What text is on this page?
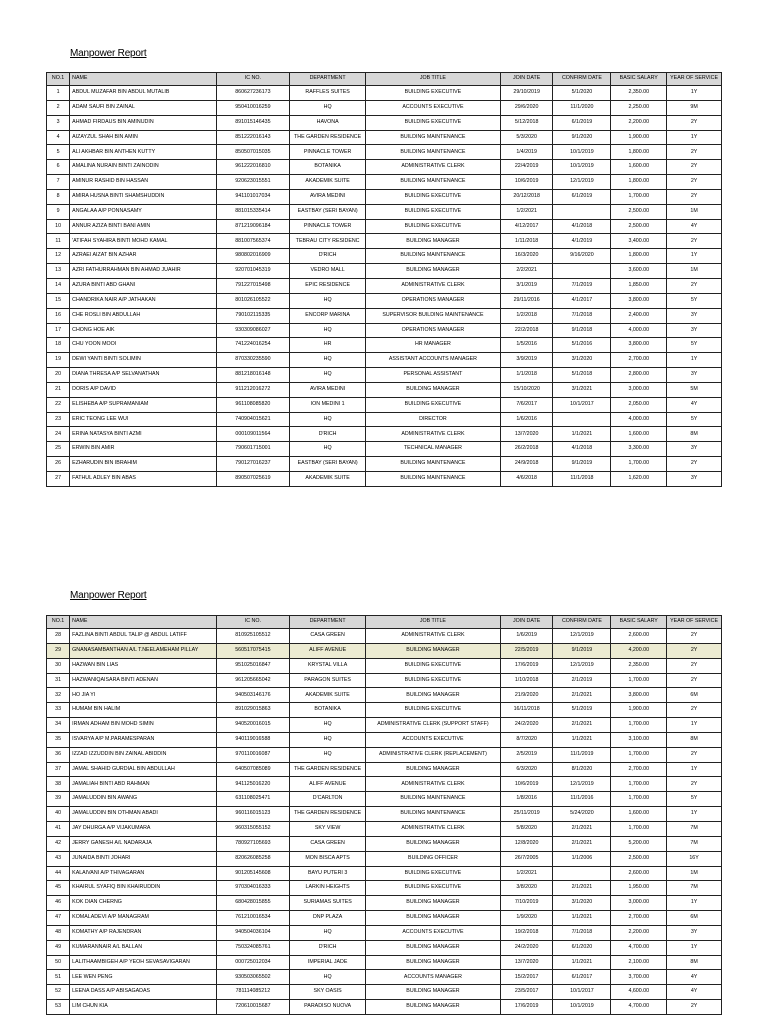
Manpower Report
NO.1	NAME	IC NO.	DEPARTMENT	JOB TITLE	JOIN DATE	CONFIRM DATE	BASIC SALARY	YEAR OF SERVICE
1	ABDUL MUZAFAR BIN ABDUL MUTALIB	860627236173	RAFFLES SUITES	BUILDING EXECUTIVE	29/10/2019	5/1/2020	2,350.00	1Y
2	ADAM SAUFI BIN ZAINAL	950410016259	HQ	ACCOUNTS EXECUTIVE	29/6/2020	11/1/2020	2,250.00	9M
3	AHMAD FIRDAUS BIN AMINUDIN	891015146435	HAVONA	BUILDING EXECUTIVE	5/12/2018	6/1/2019	2,200.00	2Y
4	AIZAYZUL SHAH BIN AMIN	851222016143	THE GARDEN RESIDENCE	BUILDING MAINTENANCE	5/3/2020	9/1/2020	1,900.00	1Y
5	ALI AKHBAR BIN ANTHEN KUTTY	850507015035	PINNACLE TOWER	BUILDING MAINTENANCE	1/4/2019	10/1/2019	1,800.00	2Y
6	AMALINA NURAIN BINTI ZAINODIN	961222016810	BOTANIKA	ADMINISTRATIVE CLERK	22/4/2019	10/1/2019	1,600.00	2Y
7	AMINUR RASHID BIN HASSAN	920623015551	AKADEMIK SUITE	BUILDING MAINTENANCE	10/6/2019	12/1/2019	1,800.00	2Y
8	AMIRA HUSNA BINTI SHAMSHUDDIN	941101017034	AVIRA MEDINI	BUILDING EXECUTIVE	20/12/2018	6/1/2019	1,700.00	2Y
9	ANGALAA A/P PONNASAMY	881015335414	EASTBAY (SERI BAYAN)	BUILDING EXECUTIVE	1/2/2021		2,500.00	1M
10	ANNUR AZIZA BINTI BANI AMIN	871219096184	PINNACLE TOWER	BUILDING EXECUTIVE	4/12/2017	4/1/2018	2,500.00	4Y
11	'ATIFAH SYAHIRA BINTI MOHD KAMAL	881007565374	TEBRAU CITY RESIDENC	BUILDING MANAGER	1/11/2018	4/1/2019	3,400.00	2Y
12	AZRAEI AIZAT BIN AZHAR	980802016909	D'RICH	BUILDING MAINTENANCE	16/3/2020	9/16/2020	1,800.00	1Y
13	AZRI FATHURRAHMAN BIN AHMAD JUAHIR	920701045319	VEDRO MALL	BUILDING MANAGER	2/2/2021		3,600.00	1M
14	AZURA BINTI ABD GHANI	791227015498	EPIC RESIDENCE	ADMINISTRATIVE CLERK	3/1/2019	7/1/2019	1,850.00	2Y
15	CHANDRIKA NAIR A/P JATHAKAN	801026105522	HQ	OPERATIONS MANAGER	29/11/2016	4/1/2017	3,800.00	5Y
16	CHE ROSLI BIN ABDULLAH	790102115335	ENCORP MARINA	SUPERVISOR BUILDING MAINTENANCE	1/2/2018	7/1/2018	2,400.00	3Y
17	CHONG HOE AIK	930309086027	HQ	OPERATIONS MANAGER	22/2/2018	9/1/2018	4,000.00	3Y
18	CHU YOON MOOI	741224016254	HR	HR MANAGER	1/5/2016	5/1/2016	3,800.00	5Y
19	DEWI YANTI BINTI SOLIMIN	870330235590	HQ	ASSISTANT ACCOUNTS MANAGER	3/9/2019	3/1/2020	2,700.00	1Y
20	DIANA THRESA A/P SELVANATHAN	881218016148	HQ	PERSONAL ASSISTANT	1/1/2018	5/1/2018	2,800.00	3Y
21	DORIS A/P DAVID	911212016272	AVIRA MEDINI	BUILDING MANAGER	15/10/2020	3/1/2021	3,000.00	5M
22	ELISHEBA A/P SUPRAMANIAM	961108085820	ION MEDINI 1	BUILDING EXECUTIVE	7/6/2017	10/1/2017	2,050.00	4Y
23	ERIC TEONG LEE WUI	740904015621	HQ	DIRECTOR	1/6/2016		4,000.00	5Y
24	ERINA NATASYA BINTI AZMI	000109011564	D'RICH	ADMINISTRATIVE CLERK	13/7/2020	1/1/2021	1,600.00	8M
25	ERWIN BIN AMIR	790601715001	HQ	TECHNICAL MANAGER	26/2/2018	4/1/2018	3,300.00	3Y
26	EZHARUDIN BIN IBRAHIM	790127016237	EASTBAY (SERI BAYAN)	BUILDING MAINTENANCE	24/9/2018	9/1/2019	1,700.00	2Y
27	FATHUL ADLEY BIN ABAS	890507025619	AKADEMIK SUITE	BUILDING MAINTENANCE	4/6/2018	11/1/2018	1,620.00	3Y
Manpower Report
NO.1	NAME	IC NO.	DEPARTMENT	JOB TITLE	JOIN DATE	CONFIRM DATE	BASIC SALARY	YEAR OF SERVICE
28	FAZLINA BINTI ABDUL TALIP @ ABDUL LATIFF	810925105512	CASA GREEN	ADMINISTRATIVE CLERK	1/6/2019	12/1/2019	2,600.00	2Y
29	GNANASAMBANTHAN A/L T.NEELAMEHAM PILLAY	560517075415	ALIFF AVENUE	BUILDING MANAGER	22/5/2019	9/1/2019	4,200.00	2Y
30	HAZWAN BIN LIAS	951025016847	KRYSTAL VILLA	BUILDING EXECUTIVE	17/6/2019	12/1/2019	2,350.00	2Y
31	HAZWANIQAISARA BINTI ADENAN	961205665042	PARAGON SUITES	BUILDING EXECUTIVE	1/10/2018	2/1/2019	1,700.00	2Y
32	HO JIA YI	940503146176	AKADEMIK SUITE	BUILDING MANAGER	21/9/2020	2/1/2021	3,800.00	6M
33	HUMAM BIN HALIM	891029015863	BOTANIKA	BUILDING EXECUTIVE	16/11/2018	5/1/2019	1,900.00	2Y
34	IRMAN ADHAM BIN MOHD SIMIN	940520016015	HQ	ADMINISTRATIVE CLERK (SUPPORT STAFF)	24/2/2020	2/1/2021	1,700.00	1Y
35	ISVARYA A/P M.PARAMESPARAN	940119016588	HQ	ACCOUNTS EXECUTIVE	8/7/2020	1/1/2021	3,100.00	8M
36	IZZAD IZZUDDIN BIN ZAINAL ABIDDIN	970110016087	HQ	ADMINISTRATIVE CLERK (REPLACEMENT)	2/5/2019	11/1/2019	1,700.00	2Y
37	JAMAL SHAHID GURDIAL BIN ABDULLAH	640507085089	THE GARDEN RESIDENCE	BUILDING MANAGER	6/3/2020	8/1/2020	2,700.00	1Y
38	JAMALIAH BINTI ABD RAHMAN	941125016220	ALIFF AVENUE	ADMINISTRATIVE CLERK	10/6/2019	12/1/2019	1,700.00	2Y
39	JAMALUDDIN BIN AWANG	631108025471	D'CARLTON	BUILDING MAINTENANCE	1/8/2016	11/1/2016	1,700.00	5Y
40	JAMALUDDIN BIN OTHMAN ABADI	960116015123	THE GARDEN RESIDENCE	BUILDING MAINTENANCE	25/11/2019	5/24/2020	1,600.00	1Y
41	JAY DHURGA A/P VIJAKUMARA	960315055152	SKY VIEW	ADMINISTRATIVE CLERK	5/8/2020	2/1/2021	1,700.00	7M
42	JERRY GANESH A/L NADARAJA	780927105693	CASA GREEN	BUILDING MANAGER	12/8/2020	2/1/2021	5,200.00	7M
43	JUNAIDA BINTI JOHARI	820626085258	MON BISCA APTS	BUILDING OFFICER	26/7/2005	1/1/2006	2,500.00	16Y
44	KALAIVANI A/P THIVAGARAN	901205145608	BAYU PUTERI 3	BUILDING EXECUTIVE	1/2/2021		2,600.00	1M
45	KHAIRUL SYAFIQ BIN KHAIRUDDIN	970304016333	LARKIN HEIGHTS	BUILDING EXECUTIVE	3/8/2020	2/1/2021	1,950.00	7M
46	KOK DIAN CHERNG	680428015855	SURIAMAS SUITES	BUILDING MANAGER	7/10/2019	3/1/2020	3,000.00	1Y
47	KOMALADEVI A/P MANAGRAM	761210016534	DNP PLAZA	BUILDING MANAGER	1/9/2020	1/1/2021	2,700.00	6M
48	KOMATHY A/P RAJENDRAN	940504036104	HQ	ACCOUNTS EXECUTIVE	19/2/2018	7/1/2018	2,200.00	3Y
49	KUMARANNAIR A/L BALLAN	750324085761	D'RICH	BUILDING MANAGER	24/2/2020	6/1/2020	4,700.00	1Y
50	LALITHAAMBIGEH A/P YEOH SEVASAVIGARAN	000725012034	IMPERIAL JADE	BUILDING MANAGER	13/7/2020	1/1/2021	2,100.00	8M
51	LEE WEN PENG	930503065502	HQ	ACCOUNTS MANAGER	15/2/2017	6/1/2017	3,700.00	4Y
52	LEENA DASS A/P ABISAGADAS	781114085212	SKY OASIS	BUILDING MANAGER	23/5/2017	10/1/2017	4,600.00	4Y
53	LIM CHUN KIA	720610015687	PARADISO NUOVA	BUILDING MANAGER	17/6/2019	10/1/2019	4,700.00	2Y
